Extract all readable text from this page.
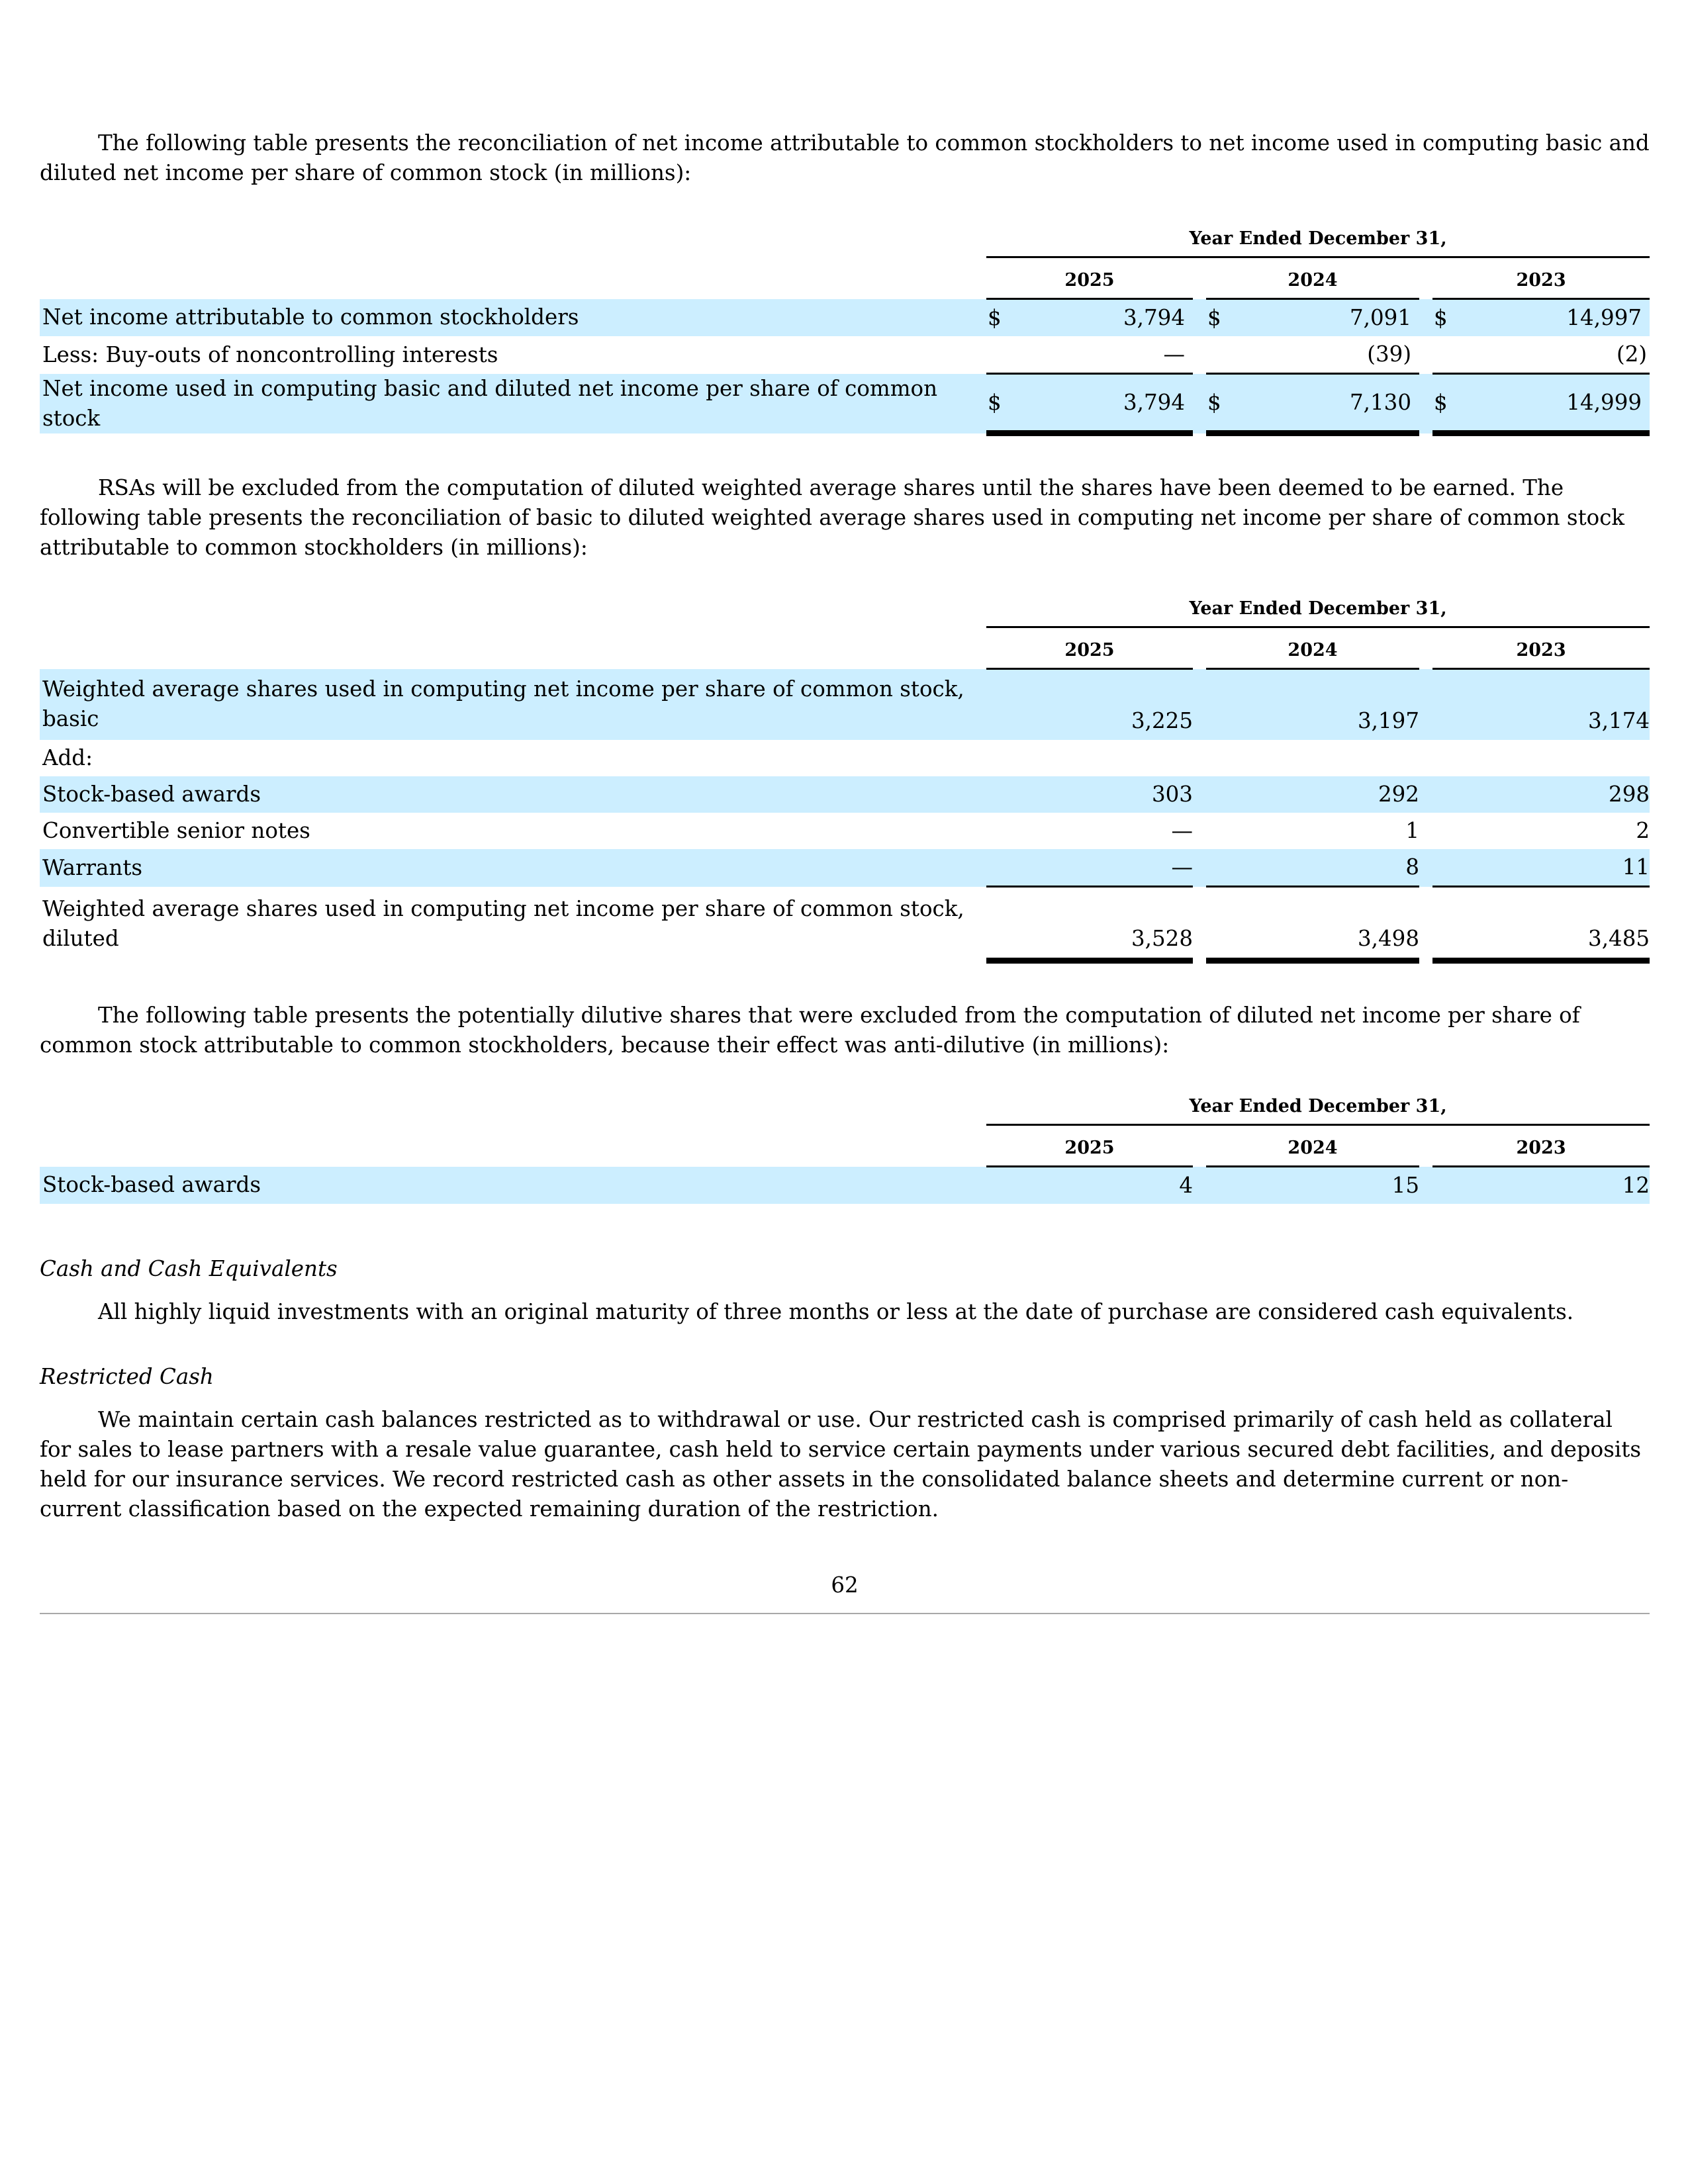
The following table presents the reconciliation of net income attributable to common stockholders to net income used in computing basic and diluted net income per share of common stock (in millions):

	Year Ended December 31,							
	2025			2024			2023	
Net income attributable to common stockholders	$	3,794		$	7,091		$	14,997
Less: Buy-outs of noncontrolling interests		—			(39)			(2)
Net income used in computing basic and diluted net income per share of common stock	$	3,794		$	7,130		$	14,999

RSAs will be excluded from the computation of diluted weighted average shares until the shares have been deemed to be earned. The following table presents the reconciliation of basic to diluted weighted average shares used in computing net income per share of common stock attributable to common stockholders (in millions):

	Year Ended December 31,							
	2025			2024			2023	
Weighted average shares used in computing net income per share of common stock, basic		3,225			3,197			3,174
Add:								
Stock-based awards		303			292			298
Convertible senior notes		—			1			2
Warrants		—			8			11
Weighted average shares used in computing net income per share of common stock, diluted		3,528			3,498			3,485

The following table presents the potentially dilutive shares that were excluded from the computation of diluted net income per share of common stock attributable to common stockholders, because their effect was anti-dilutive (in millions):

	Year Ended December 31,							
	2025			2024			2023	
Stock-based awards		4			15			12
Cash and Cash Equivalents

All highly liquid investments with an original maturity of three months or less at the date of purchase are considered cash equivalents.

Restricted Cash

We maintain certain cash balances restricted as to withdrawal or use. Our restricted cash is comprised primarily of cash held as collateral for sales to lease partners with a resale value guarantee, cash held to service certain payments under various secured debt facilities, and deposits held for our insurance services. We record restricted cash as other assets in the consolidated balance sheets and determine current or non-current classification based on the expected remaining duration of the restriction.

62
